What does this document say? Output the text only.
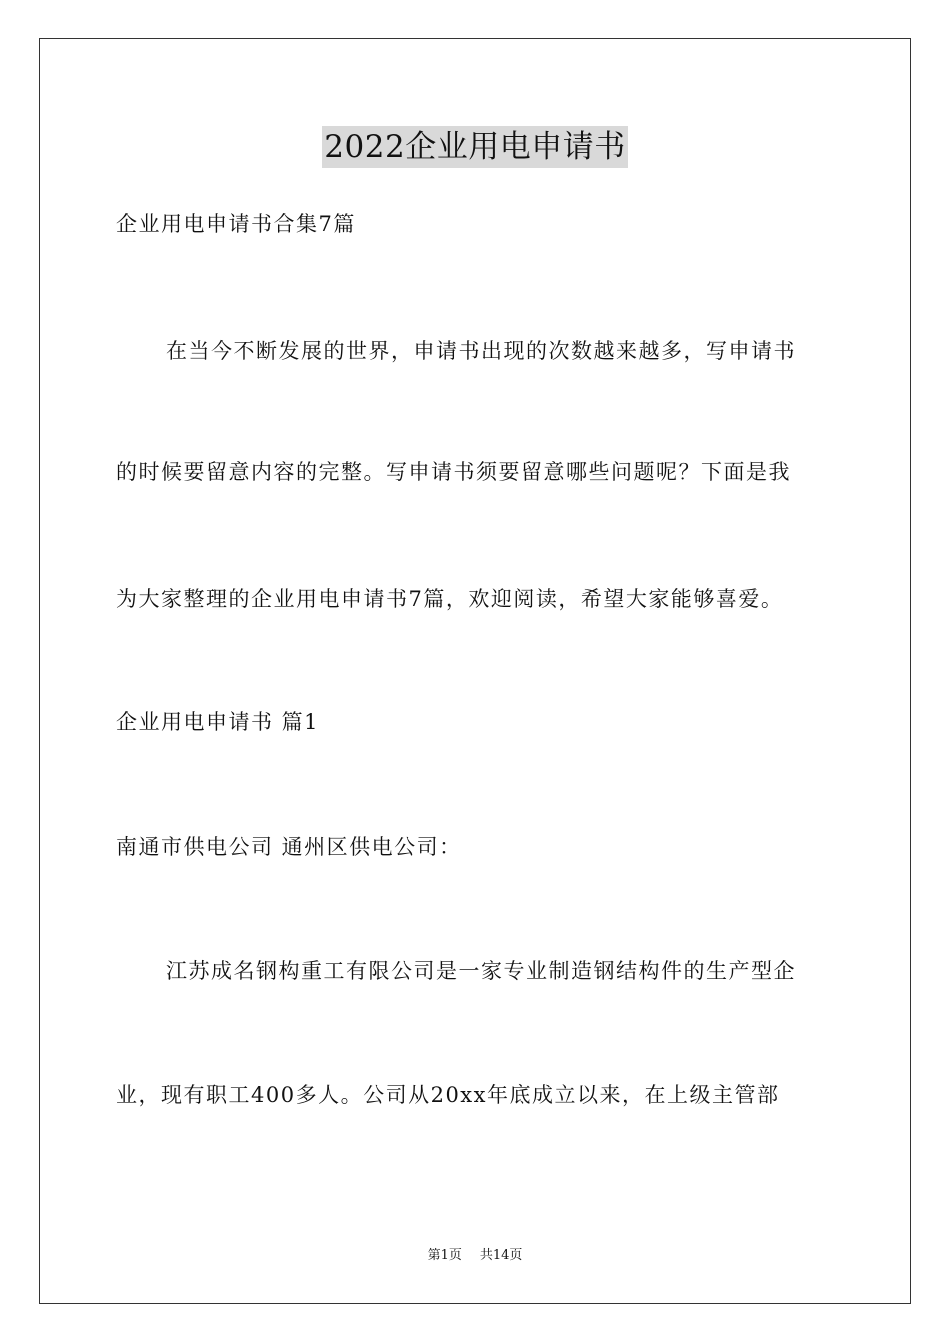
2022企业用电申请书
企业用电申请书合集7篇
在当今不断发展的世界，申请书出现的次数越来越多，写申请书
的时候要留意内容的完整。写申请书须要留意哪些问题呢？下面是我
为大家整理的企业用电申请书7篇，欢迎阅读，希望大家能够喜爱。
企业用电申请书 篇1
南通市供电公司 通州区供电公司：
江苏成名钢构重工有限公司是一家专业制造钢结构件的生产型企
业，现有职工400多人。公司从20xx年底成立以来，在上级主管部
第1页 共14页
